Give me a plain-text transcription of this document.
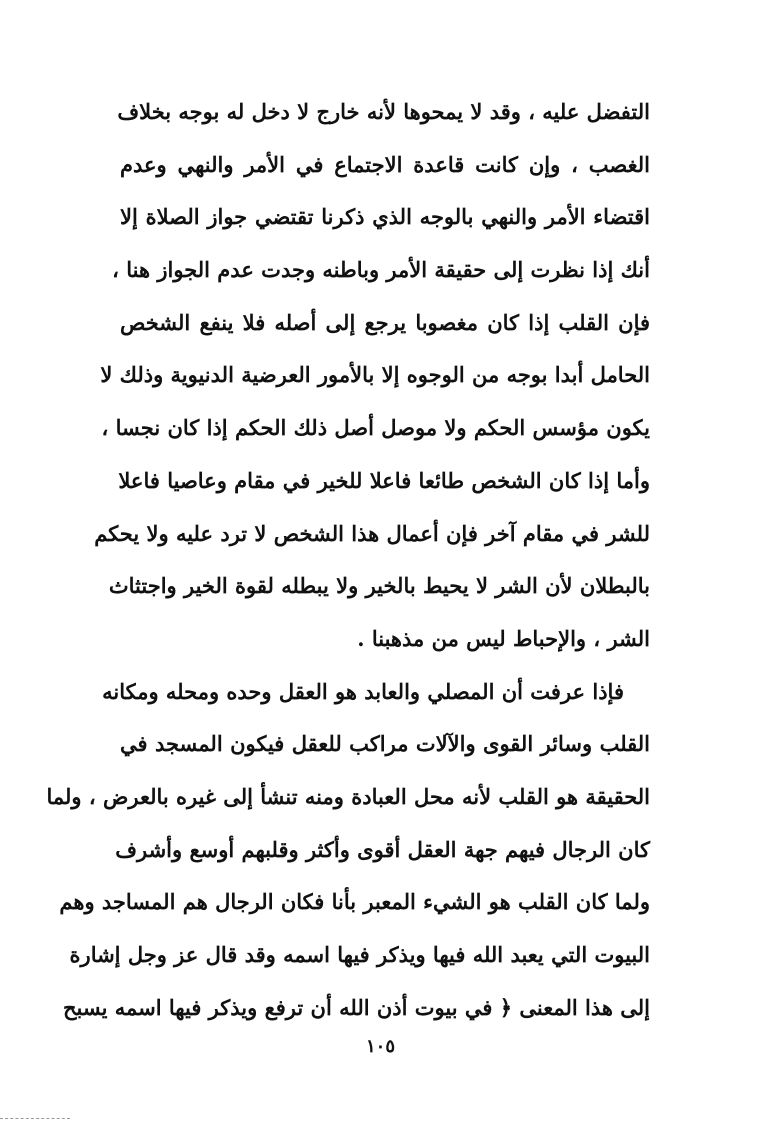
التفضل عليه ، وقد لا يمحوها لأنه خارج لا دخل له بوجه بخلاف
الغصب ، وإن كانت قاعدة الاجتماع في الأمر والنهي وعدم
اقتضاء الأمر والنهي بالوجه الذي ذكرنا تقتضي جواز الصلاة إلا
أنك إذا نظرت إلى حقيقة الأمر وباطنه وجدت عدم الجواز هنا ،
فإن القلب إذا كان مغصوبا يرجع إلى أصله فلا ينفع الشخص
الحامل أبدا بوجه من الوجوه إلا بالأمور العرضية الدنيوية وذلك لا
يكون مؤسس الحكم ولا موصل أصل ذلك الحكم إذا كان نجسا ،
وأما إذا كان الشخص طائعا فاعلا للخير في مقام وعاصيا فاعلا
للشر في مقام آخر فإن أعمال هذا الشخص لا ترد عليه ولا يحكم
بالبطلان لأن الشر لا يحيط بالخير ولا يبطله لقوة الخير واجتثاث
الشر ، والإحباط ليس من مذهبنا .
فإذا عرفت أن المصلي والعابد هو العقل وحده ومحله ومكانه
القلب وسائر القوى والآلات مراكب للعقل فيكون المسجد في
الحقيقة هو القلب لأنه محل العبادة ومنه تنشأ إلى غيره بالعرض ، ولما
كان الرجال فيهم جهة العقل أقوى وأكثر وقلبهم أوسع وأشرف
ولما كان القلب هو الشيء المعبر بأنا فكان الرجال هم المساجد وهم
البيوت التي يعبد الله فيها ويذكر فيها اسمه وقد قال عز وجل إشارة
إلى هذا المعنى ﴿ في بيوت أذن الله أن ترفع ويذكر فيها اسمه يسبح
١٠٥
